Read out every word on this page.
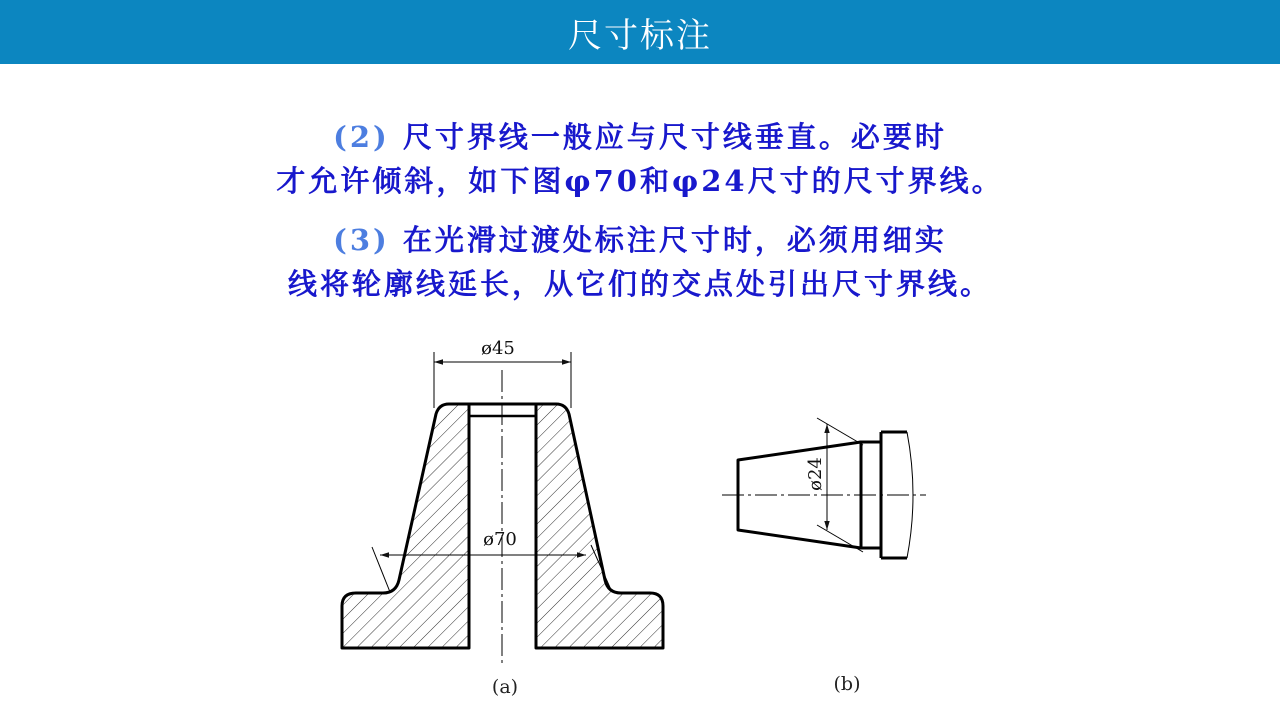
尺寸标注
(2) 尺寸界线一般应与尺寸线垂直。必要时
才允许倾斜，如下图φ70和φ24尺寸的尺寸界线。
(3) 在光滑过渡处标注尺寸时，必须用细实
线将轮廓线延长，从它们的交点处引出尺寸界线。
ø45
ø70
(a)
ø24
(b)
